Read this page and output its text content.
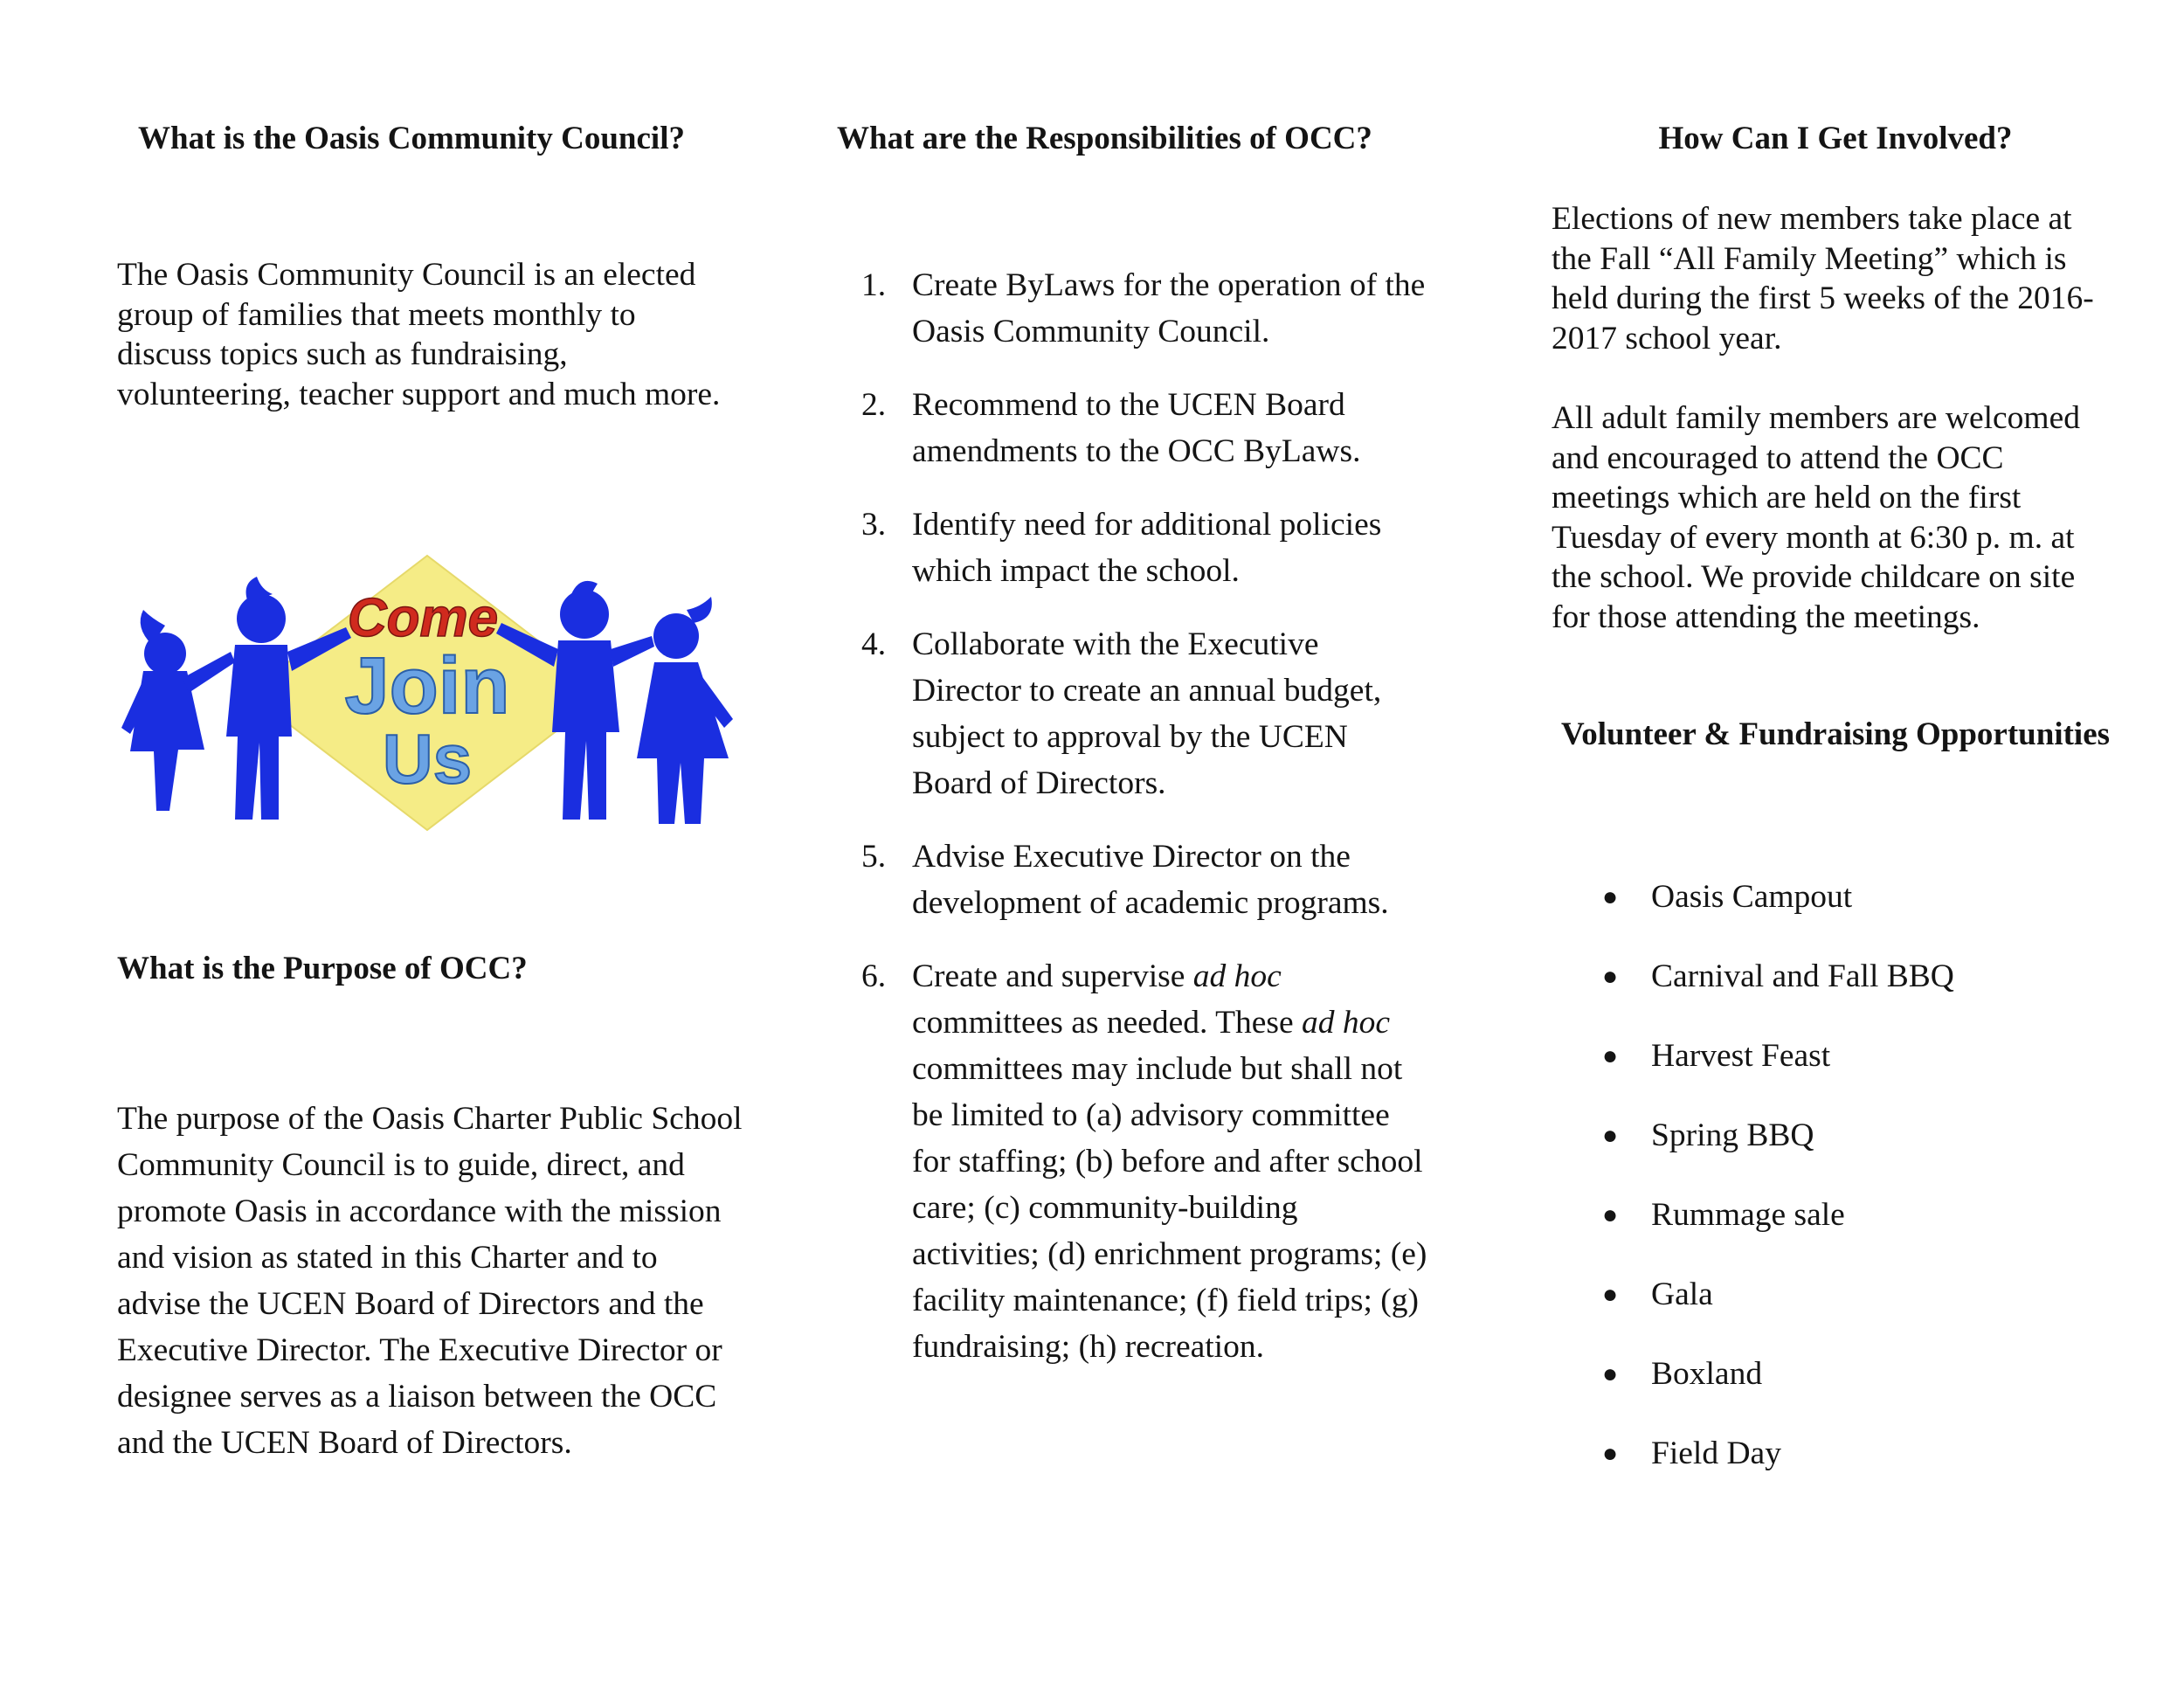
What is the Oasis Community Council?

The Oasis Community Council is an elected group of families that meets monthly to discuss topics such as fundraising, volunteering, teacher support and much more.

Come
Join
Us
What is the Purpose of OCC?

The purpose of the Oasis Charter Public School Community Council is to guide, direct, and promote Oasis in accordance with the mission and vision as stated in this Charter and to advise the UCEN Board of Directors and the Executive Director. The Executive Director or designee serves as a liaison between the OCC and the UCEN Board of Directors.

What are the Responsibilities of OCC?
1. Create ByLaws for the operation of the Oasis Community Council.
2. Recommend to the UCEN Board amendments to the OCC ByLaws.
3. Identify need for additional policies which impact the school.
4. Collaborate with the Executive Director to create an annual budget, subject to approval by the UCEN Board of Directors.
5. Advise Executive Director on the development of academic programs.
6. Create and supervise ad hoc committees as needed. These ad hoc committees may include but shall not be limited to (a) advisory committee for staffing; (b) before and after school care; (c) community-building activities; (d) enrichment programs; (e) facility maintenance; (f) field trips; (g) fundraising; (h) recreation.
How Can I Get Involved?

Elections of new members take place at the Fall “All Family Meeting” which is held during the first 5 weeks of the 2016-2017 school year.

All adult family members are welcomed and encouraged to attend the OCC meetings which are held on the first Tuesday of every month at 6:30 p. m. at the school. We provide childcare on site for those attending the meetings.

Volunteer & Fundraising Opportunities
●	Oasis Campout
●	Carnival and Fall BBQ
●	Harvest Feast
●	Spring BBQ
●	Rummage sale
●	Gala
●	Boxland
●	Field Day
